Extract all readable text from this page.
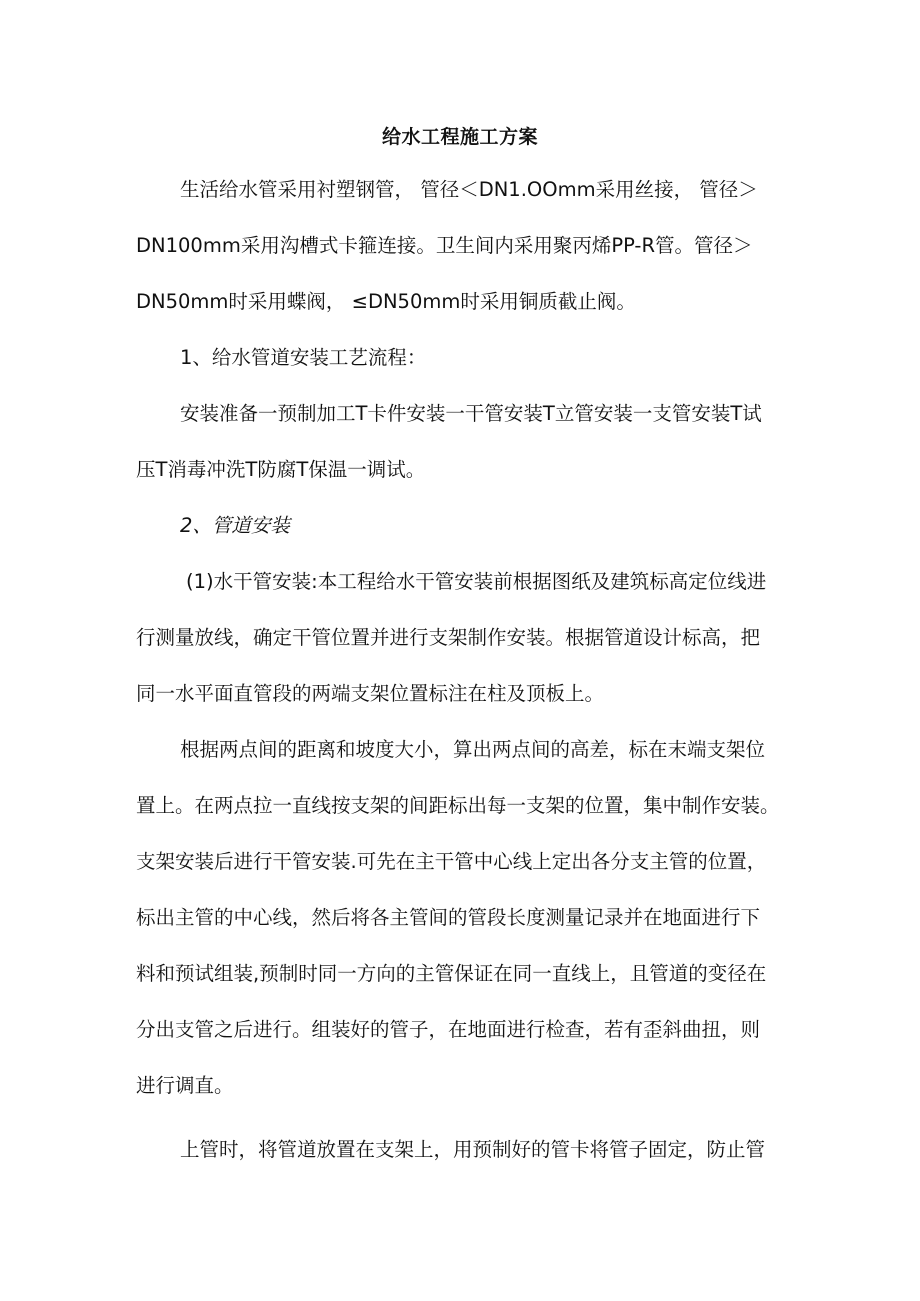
给水工程施工方案
生活给水管采用衬塑钢管， 管径＜DN1.OOmm采用丝接， 管径＞
DN100mm采用沟槽式卡箍连接。卫生间内采用聚丙烯PP-R管。管径＞
DN50mm时采用蝶阀， ≤DN50mm时采用铜质截止阀。
1、给水管道安装工艺流程：
安装准备一预制加工T卡件安装一干管安装T立管安装一支管安装T试
压T消毒冲洗T防腐T保温一调试。
2、管道安装
(1)水干管安装:本工程给水干管安装前根据图纸及建筑标高定位线进
行测量放线，确定干管位置并进行支架制作安装。根据管道设计标高，把
同一水平面直管段的两端支架位置标注在柱及顶板上。
根据两点间的距离和坡度大小，算出两点间的高差，标在末端支架位
置上。在两点拉一直线按支架的间距标出每一支架的位置，集中制作安装。
支架安装后进行干管安装.可先在主干管中心线上定出各分支主管的位置，
标出主管的中心线，然后将各主管间的管段长度测量记录并在地面进行下
料和预试组装,预制时同一方向的主管保证在同一直线上，且管道的变径在
分出支管之后进行。组装好的管子，在地面进行检查，若有歪斜曲扭，则
进行调直。
上管时，将管道放置在支架上，用预制好的管卡将管子固定，防止管
